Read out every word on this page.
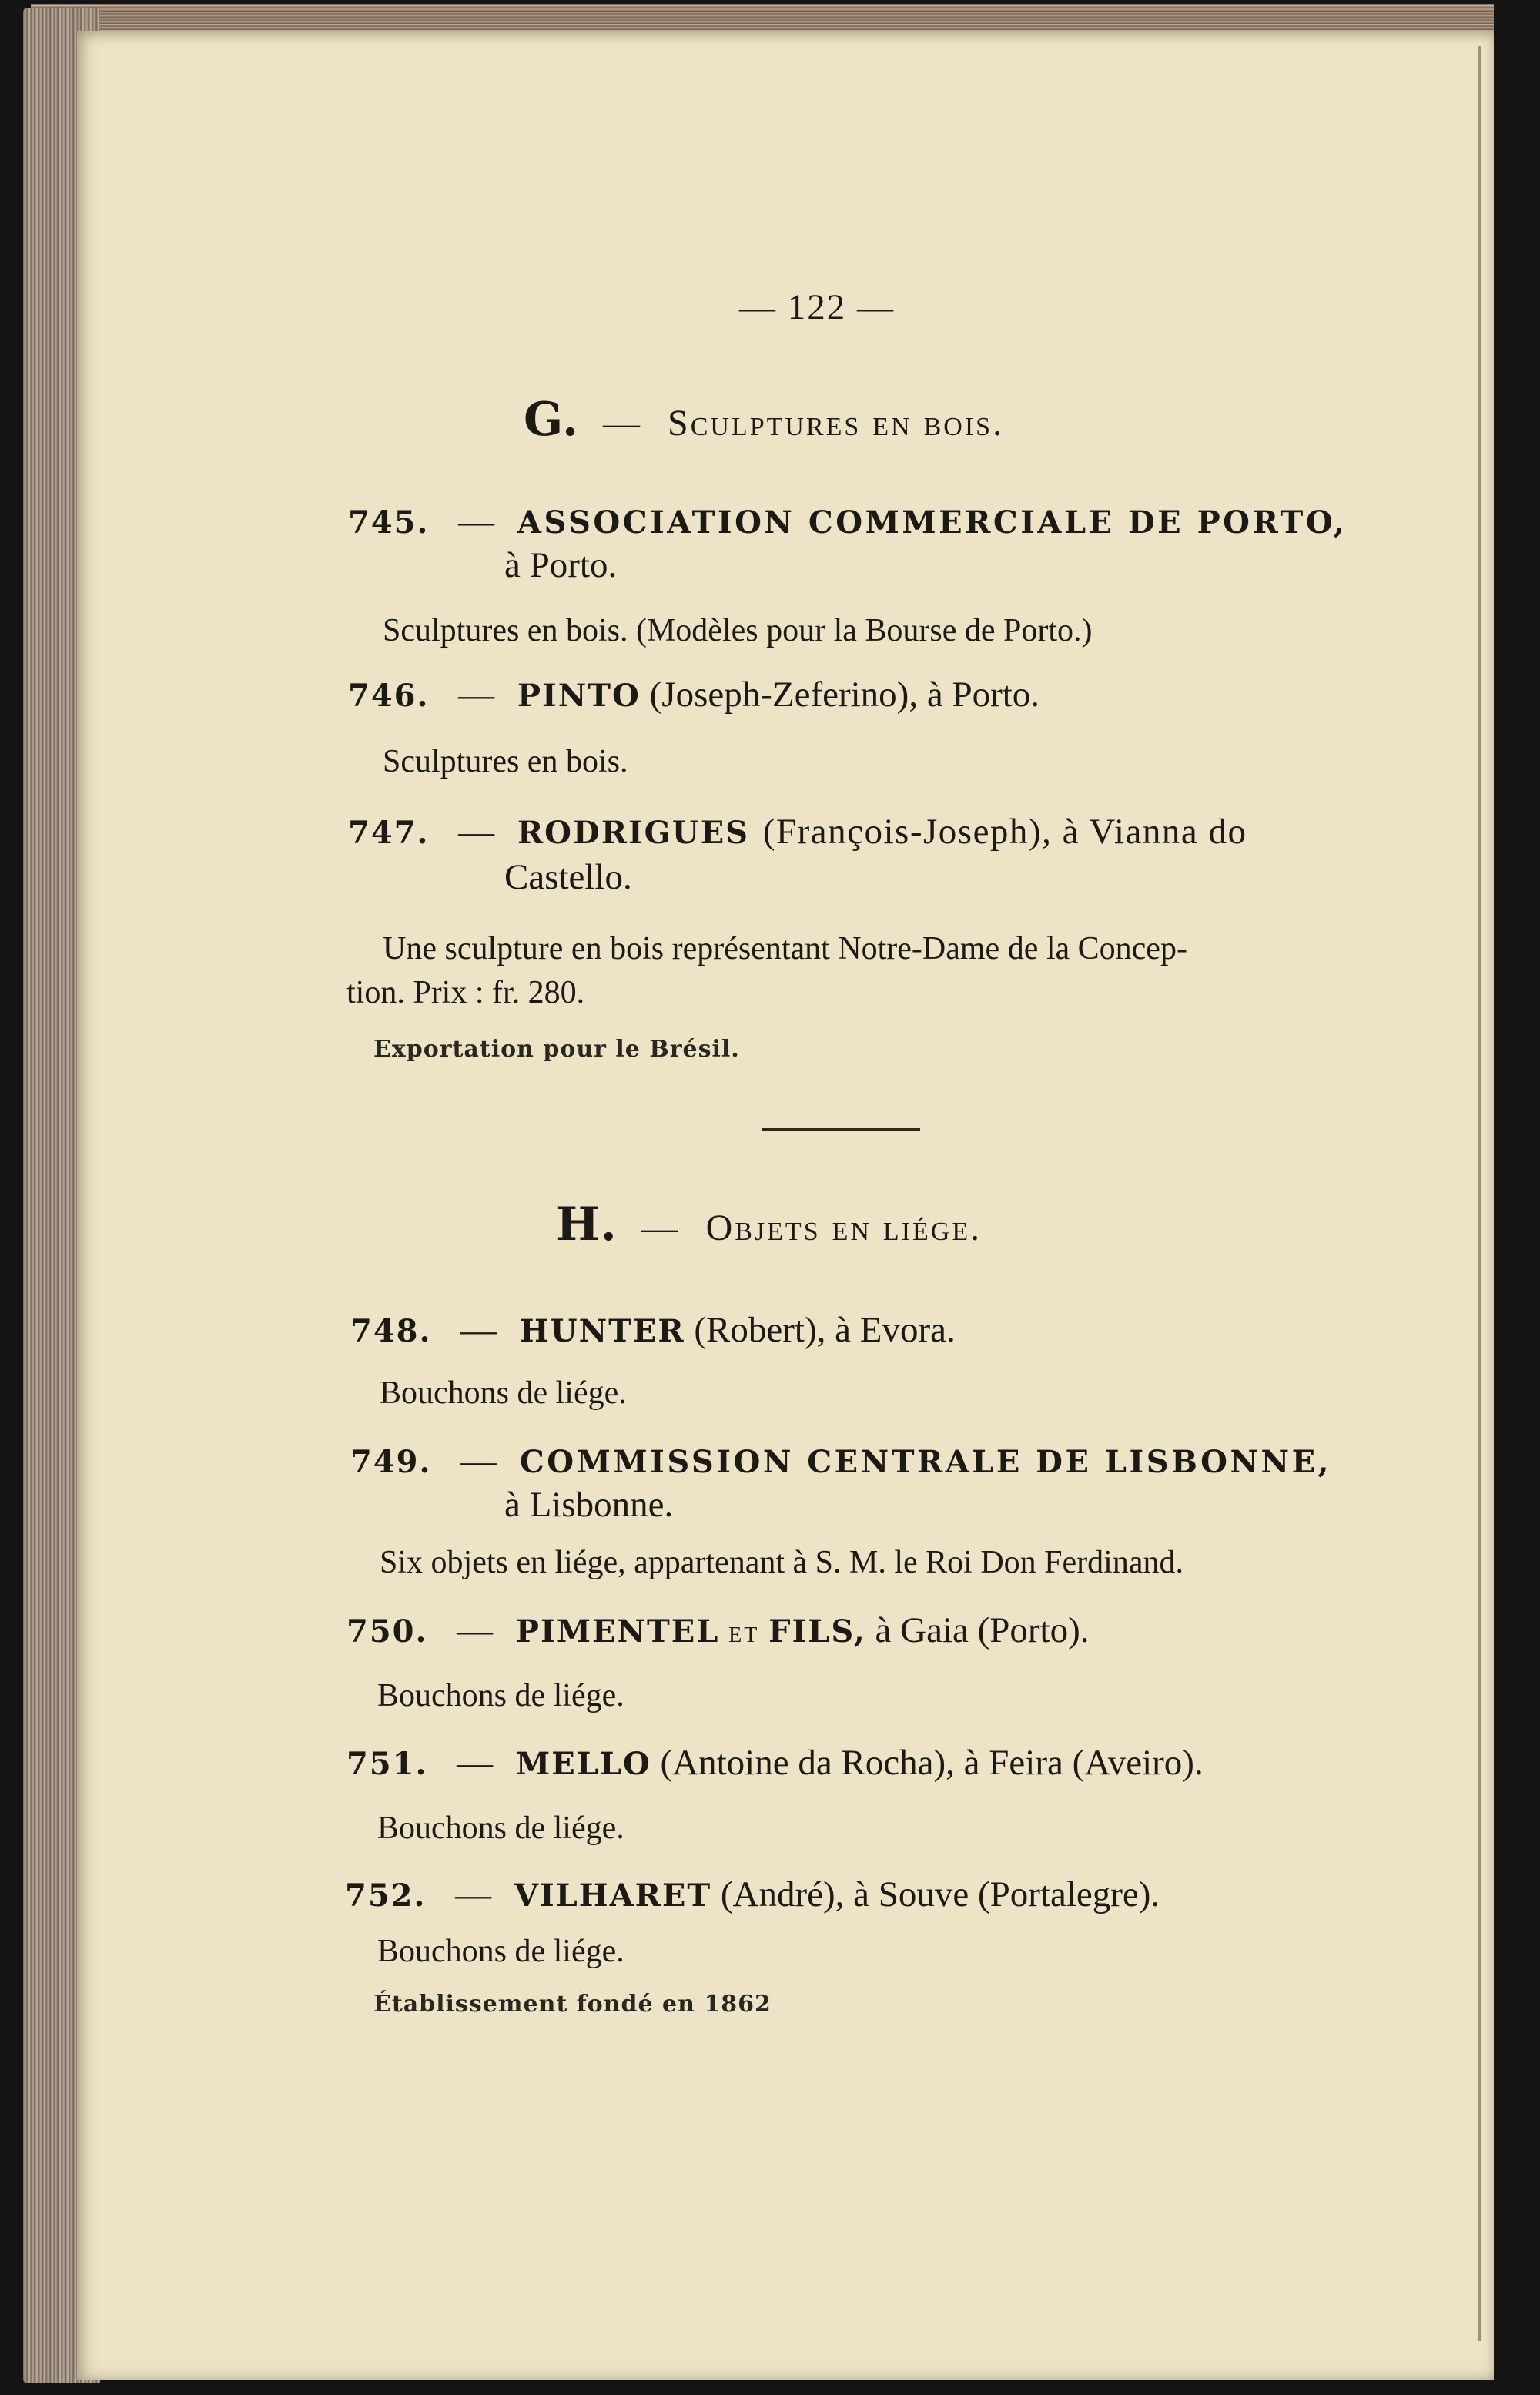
— 122 —
G. — Sculptures en bois.
745. — ASSOCIATION COMMERCIALE DE PORTO,
à Porto.
Sculptures en bois. (Modèles pour la Bourse de Porto.)
746. — PINTO (Joseph-Zeferino), à Porto.
Sculptures en bois.
747. — RODRIGUES (François-Joseph), à Vianna do
Castello.
Une sculpture en bois représentant Notre-Dame de la Concep-
tion. Prix : fr. 280.
Exportation pour le Brésil.
H. — Objets en liége.
748. — HUNTER (Robert), à Evora.
Bouchons de liége.
749. — COMMISSION CENTRALE DE LISBONNE,
à Lisbonne.
Six objets en liége, appartenant à S. M. le Roi Don Ferdinand.
750. — PIMENTEL et FILS, à Gaia (Porto).
Bouchons de liége.
751. — MELLO (Antoine da Rocha), à Feira (Aveiro).
Bouchons de liége.
752. — VILHARET (André), à Souve (Portalegre).
Bouchons de liége.
Établissement fondé en 1862
